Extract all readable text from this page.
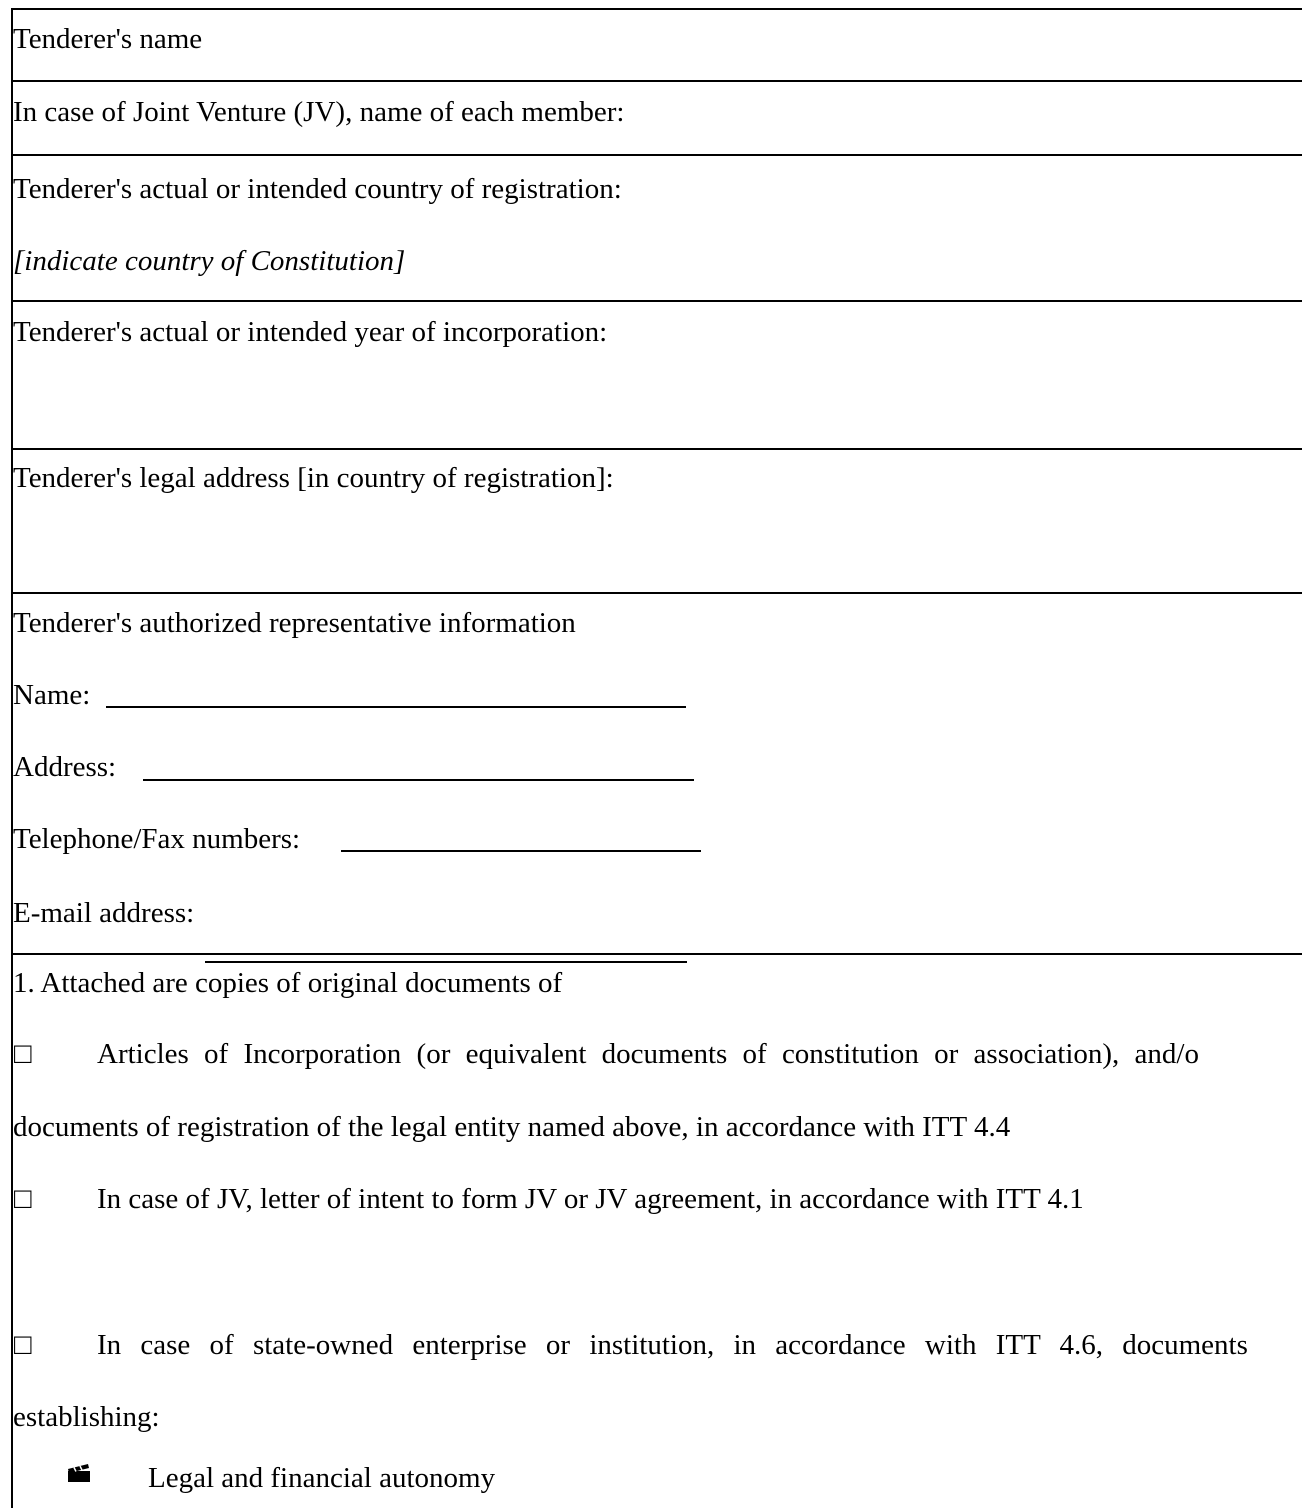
Tenderer's name
In case of Joint Venture (JV), name of each member:
Tenderer's actual or intended country of registration:
[indicate country of Constitution]
Tenderer's actual or intended year of incorporation:
Tenderer's legal address [in country of registration]:
Tenderer's authorized representative information
Name:
Address:
Telephone/Fax numbers:
E-mail address:
1. Attached are copies of original documents of
□	Articles of Incorporation (or equivalent documents of constitution or association), and/o
documents of registration of the legal entity named above, in accordance with ITT 4.4
□	In case of JV, letter of intent to form JV or JV agreement, in accordance with ITT 4.1
□	In case of state-owned enterprise or institution, in accordance with ITT 4.6, documents
establishing:
Legal and financial autonomy
